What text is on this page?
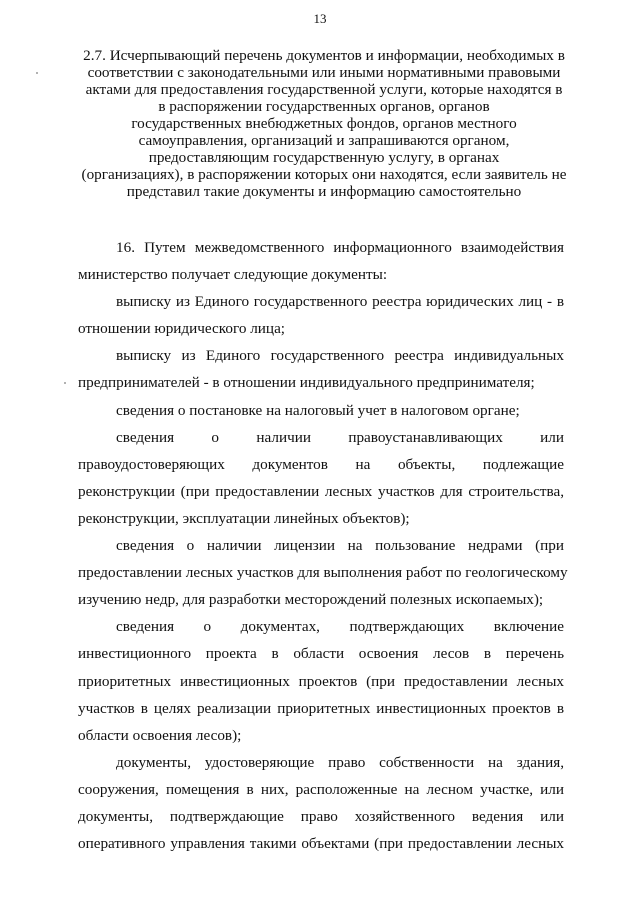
13
2.7. Исчерпывающий перечень документов и информации, необходимых в
соответствии с законодательными или иными нормативными правовыми
актами для предоставления государственной услуги, которые находятся в
в распоряжении государственных органов, органов
государственных внебюджетных фондов, органов местного
самоуправления, организаций и запрашиваются органом,
предоставляющим государственную услугу, в органах
(организациях), в распоряжении которых они находятся, если заявитель не
представил такие документы и информацию самостоятельно

16. Путем межведомственного информационного взаимодействия
министерство получает следующие документы:

выписку из Единого государственного реестра юридических лиц - в
отношении юридического лица;

выписку из Единого государственного реестра индивидуальных
предпринимателей - в отношении индивидуального предпринимателя;

сведения о постановке на налоговый учет в налоговом органе;

сведения о наличии правоустанавливающих или
правоудостоверяющих документов на объекты, подлежащие
реконструкции (при предоставлении лесных участков для строительства,
реконструкции, эксплуатации линейных объектов);

сведения о наличии лицензии на пользование недрами (при
предоставлении лесных участков для выполнения работ по геологическому
изучению недр, для разработки месторождений полезных ископаемых);

сведения о документах, подтверждающих включение
инвестиционного проекта в области освоения лесов в перечень
приоритетных инвестиционных проектов (при предоставлении лесных
участков в целях реализации приоритетных инвестиционных проектов в
области освоения лесов);

документы, удостоверяющие право собственности на здания,
сооружения, помещения в них, расположенные на лесном участке, или
документы, подтверждающие право хозяйственного ведения или
оперативного управления такими объектами (при предоставлении лесных
